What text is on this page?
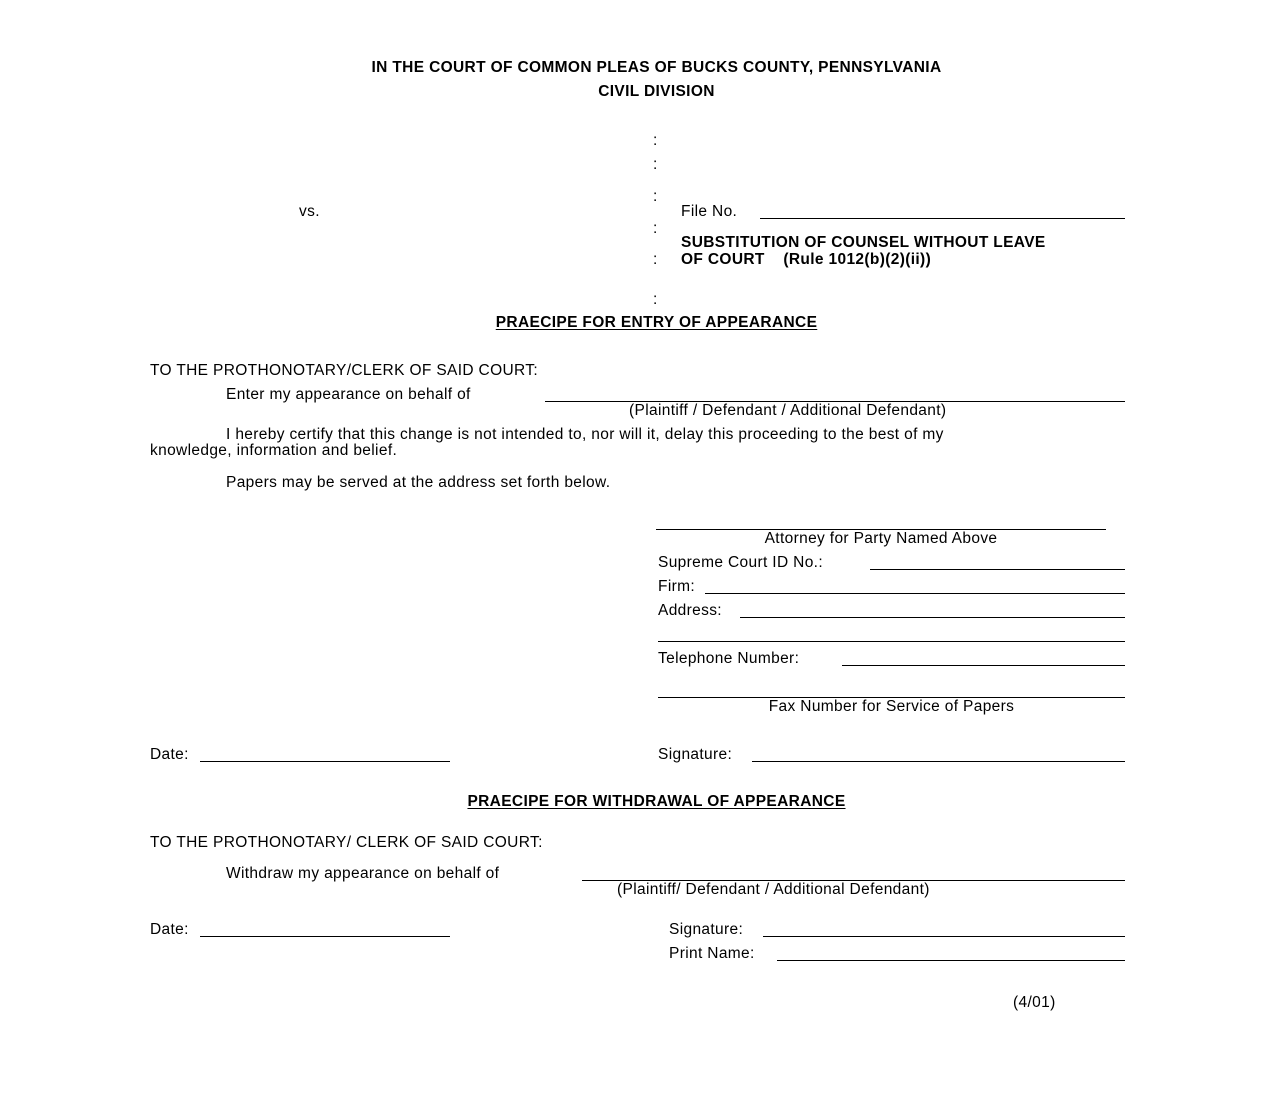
IN THE COURT OF COMMON PLEAS OF BUCKS COUNTY, PENNSYLVANIA
CIVIL DIVISION
:
:
:
:
:
:
vs.	File No.
SUBSTITUTION OF COUNSEL WITHOUT LEAVE
OF COURT    (Rule 1012(b)(2)(ii))
PRAECIPE FOR ENTRY OF APPEARANCE
TO THE PROTHONOTARY/CLERK OF SAID COURT:
Enter my appearance on behalf of
(Plaintiff / Defendant / Additional Defendant)
I hereby certify that this change is not intended to, nor will it, delay this proceeding to the best of my
knowledge, information and belief.
Papers may be served at the address set forth below.
Attorney for Party Named Above
Supreme Court ID No.:
Firm:
Address:
Telephone Number:
Fax Number for Service of Papers
Date:	Signature:
PRAECIPE FOR WITHDRAWAL OF APPEARANCE
TO THE PROTHONOTARY/ CLERK OF SAID COURT:
Withdraw my appearance on behalf of
(Plaintiff/ Defendant / Additional Defendant)
Date:	Signature:
Print Name:
(4/01)
